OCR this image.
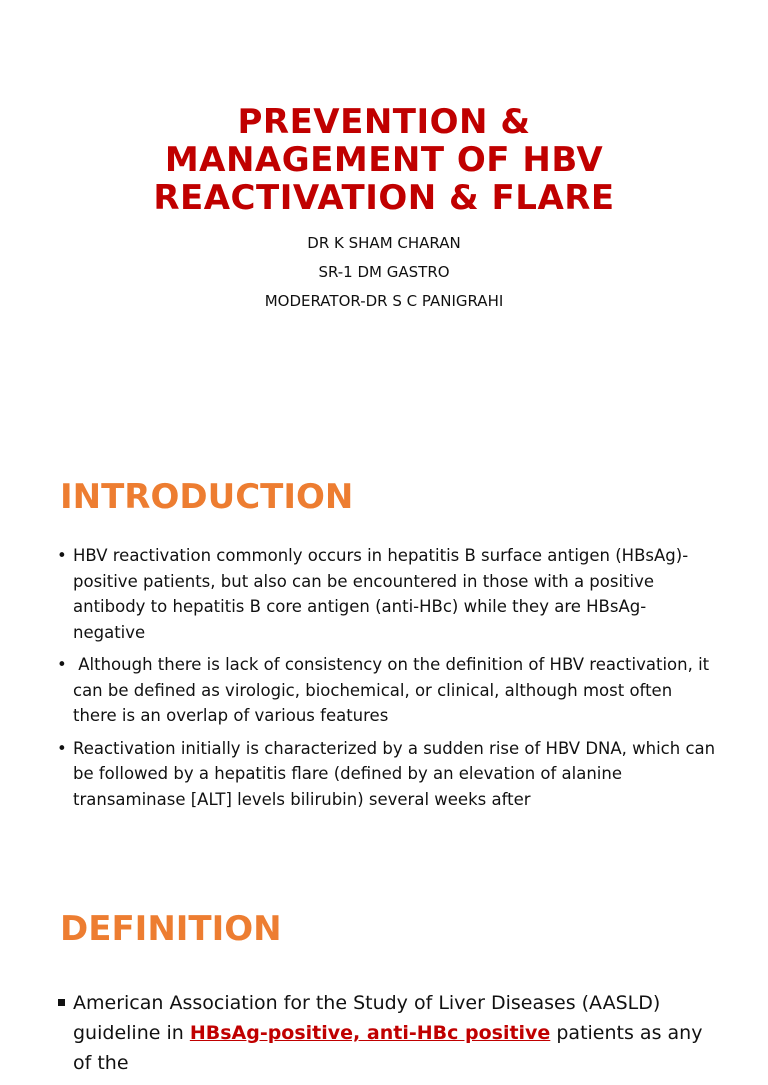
PREVENTION &
MANAGEMENT OF HBV
REACTIVATION & FLARE
DR K SHAM CHARAN
SR-1 DM GASTRO
MODERATOR-DR S C PANIGRAHI
INTRODUCTION
• HBV reactivation commonly occurs in hepatitis B surface antigen (HBsAg)-positive patients, but also can be encountered in those with a positive antibody to hepatitis B core antigen (anti-HBc) while they are HBsAg-negative
• Although there is lack of consistency on the definition of HBV reactivation, it can be defined as virologic, biochemical, or clinical, although most often there is an overlap of various features
• Reactivation initially is characterized by a sudden rise of HBV DNA, which can be followed by a hepatitis flare (defined by an elevation of alanine transaminase [ALT] levels bilirubin) several weeks after
DEFINITION
American Association for the Study of Liver Diseases (AASLD)
guideline in HBsAg-positive, anti-HBc positive patients as any of the
